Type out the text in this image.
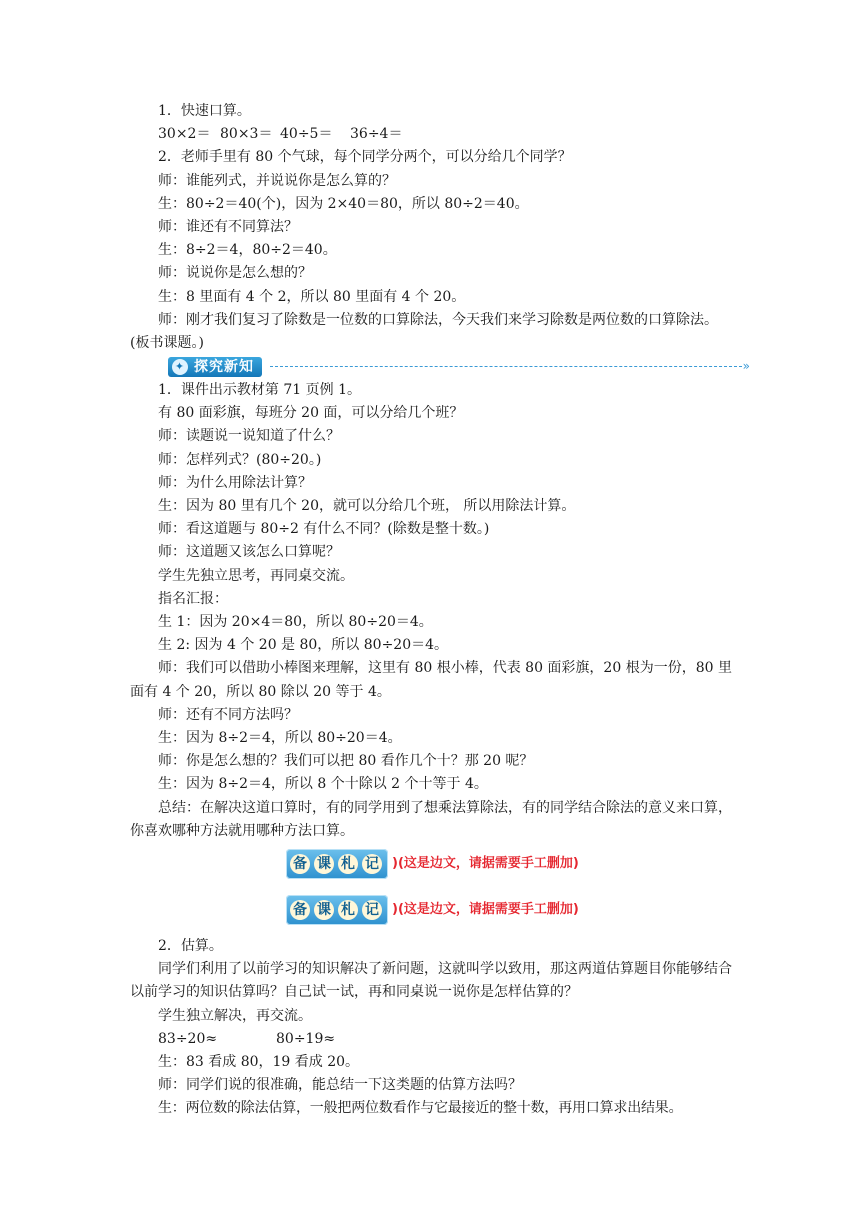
1．快速口算。
30×2＝ 80×3＝ 40÷5＝ 36÷4＝
2．老师手里有 80 个气球，每个同学分两个，可以分给几个同学？
师：谁能列式，并说说你是怎么算的？
生：80÷2＝40(个)，因为 2×40＝80，所以 80÷2＝40。
师：谁还有不同算法？
生：8÷2＝4，80÷2＝40。
师：说说你是怎么想的？
生：8 里面有 4 个 2，所以 80 里面有 4 个 20。
师：刚才我们复习了除数是一位数的口算除法，今天我们来学习除数是两位数的口算除法。(板书课题。)
✦ 探究新知	»
1．课件出示教材第 71 页例 1。
有 80 面彩旗，每班分 20 面，可以分给几个班？
师：读题说一说知道了什么？
师：怎样列式？(80÷20。)
师：为什么用除法计算？
生：因为 80 里有几个 20，就可以分给几个班， 所以用除法计算。
师：看这道题与 80÷2 有什么不同？(除数是整十数。)
师：这道题又该怎么口算呢？
学生先独立思考，再同桌交流。
指名汇报：
生 1：因为 20×4＝80，所以 80÷20＝4。
生 2: 因为 4 个 20 是 80，所以 80÷20＝4。
师：我们可以借助小棒图来理解，这里有 80 根小棒，代表 80 面彩旗，20 根为一份，80 里面有 4 个 20，所以 80 除以 20 等于 4。
师：还有不同方法吗？
生：因为 8÷2＝4，所以 80÷20＝4。
师：你是怎么想的？我们可以把 80 看作几个十？那 20 呢？
生：因为 8÷2＝4，所以 8 个十除以 2 个十等于 4。
总结：在解决这道口算时，有的同学用到了想乘法算除法，有的同学结合除法的意义来口算，你喜欢哪种方法就用哪种方法口算。
备 课 札 记	)(这是边文，请据需要手工删加)
备 课 札 记	)(这是边文，请据需要手工删加)
2．估算。
同学们利用了以前学习的知识解决了新问题，这就叫学以致用，那这两道估算题目你能够结合以前学习的知识估算吗？自己试一试，再和同桌说一说你是怎样估算的？
学生独立解决，再交流。
83÷20≈	80÷19≈
生：83 看成 80，19 看成 20。
师：同学们说的很准确，能总结一下这类题的估算方法吗？
生：两位数的除法估算，一般把两位数看作与它最接近的整十数，再用口算求出结果。
